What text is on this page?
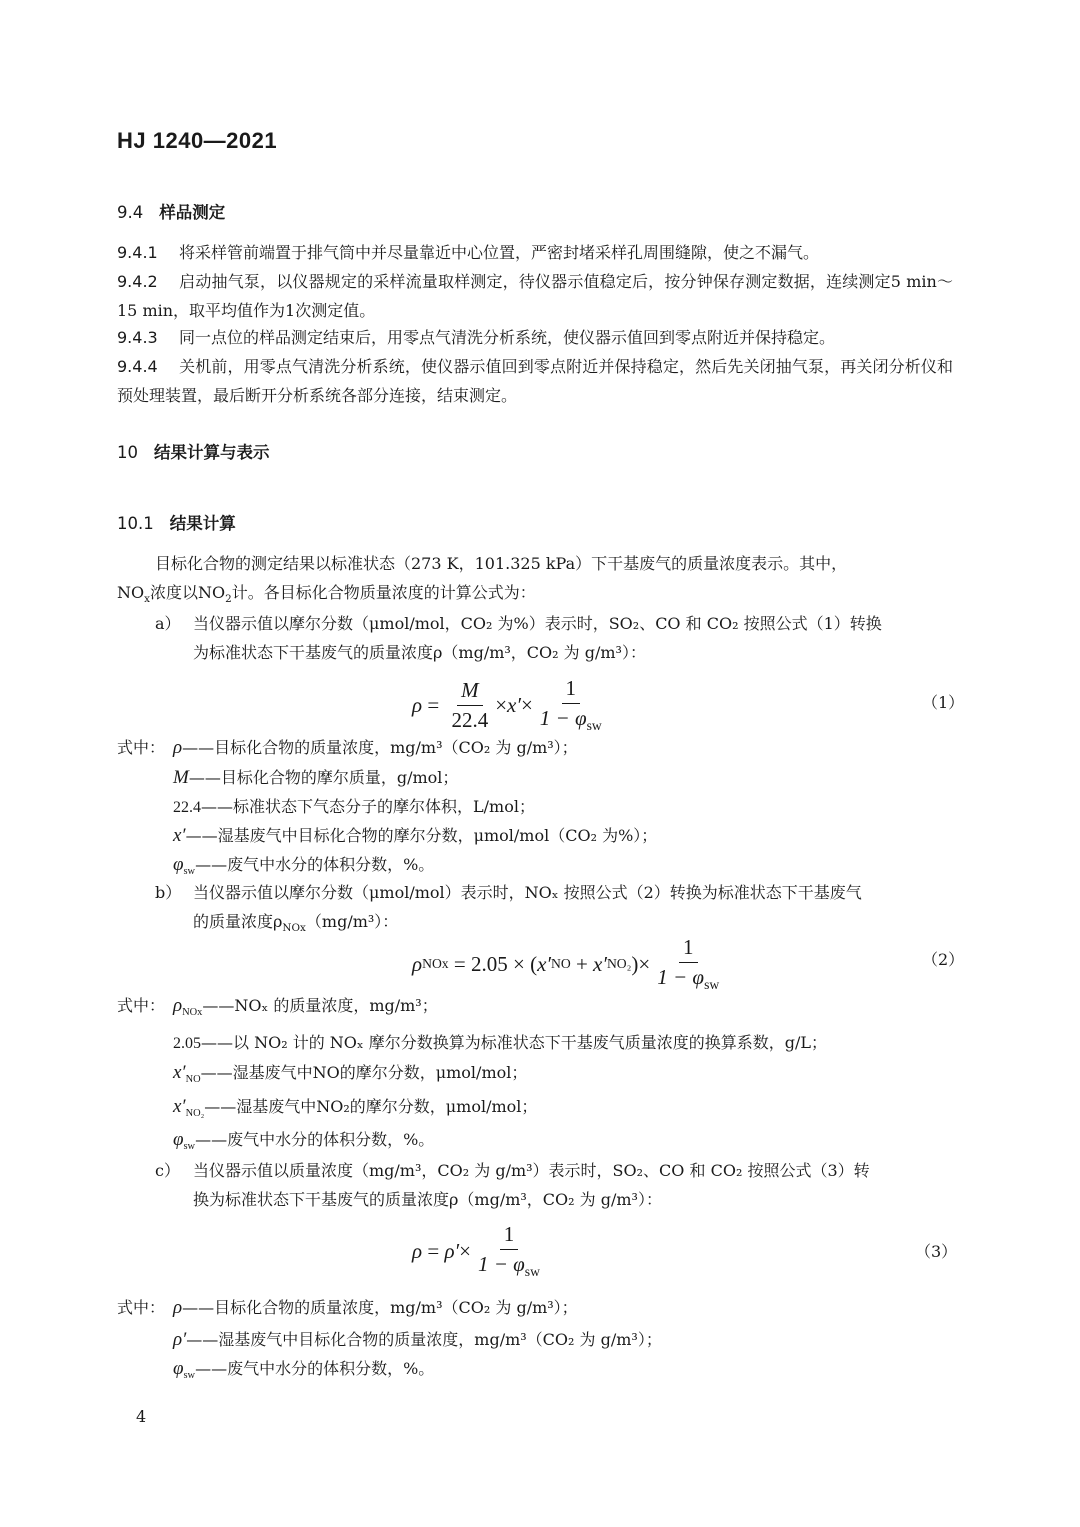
HJ 1240—2021
9.4 样品测定
9.4.1 将采样管前端置于排气筒中并尽量靠近中心位置，严密封堵采样孔周围缝隙，使之不漏气。
9.4.2 启动抽气泵，以仪器规定的采样流量取样测定，待仪器示值稳定后，按分钟保存测定数据，连续测定5 min～15 min，取平均值作为1次测定值。
9.4.3 同一点位的样品测定结束后，用零点气清洗分析系统，使仪器示值回到零点附近并保持稳定。
9.4.4 关机前，用零点气清洗分析系统，使仪器示值回到零点附近并保持稳定，然后先关闭抽气泵，再关闭分析仪和预处理装置，最后断开分析系统各部分连接，结束测定。
10 结果计算与表示
10.1 结果计算
目标化合物的测定结果以标准状态（273 K，101.325 kPa）下干基废气的质量浓度表示。其中，
$NO_x$浓度以$NO_2$计。各目标化合物质量浓度的计算公式为：
a） 当仪器示值以摩尔分数（μmol/mol，CO₂ 为%）表示时，SO₂、CO 和 CO₂ 按照公式（1）转换
为标准状态下干基废气的质量浓度ρ（mg/m³，CO₂ 为 g/m³）：
ρ
=
$\frac{M}{22.4} \times x' \times \frac{1}{1 - \varphi_{sw}}$	（1）
式中： ρ——目标化合物的质量浓度，mg/m³（CO₂ 为 g/m³）；
M——目标化合物的摩尔质量，g/mol；
22.4——标准状态下气态分子的摩尔体积，L/mol；
x′——湿基废气中目标化合物的摩尔分数，μmol/mol（CO₂ 为%）；
$\varphi_{sw}——$废气中水分的体积分数，%。
b） 当仪器示值以摩尔分数（μmol/mol）表示时，NOₓ 按照公式（2）转换为标准状态下干基废气
的质量浓度$\rho_{NOx}(mg/m^3)$：
ρ NOx
= 2.05 × ( x′ NO
+
x′ NO₂ ) × $\frac{1}{1 - \varphi_{sw}}$	（2）
式中： $\rho_{NOx}——NO_x$ 的质量浓度，mg/m³；
2.05——以 NO₂ 计的 NOₓ 摩尔分数换算为标准状态下干基废气质量浓度的换算系数，g/L；
$x'_{NO}——$湿基废气中NO的摩尔分数，μmol/mol；
$x'_{NO_2}——$湿基废气中NO₂的摩尔分数，μmol/mol；
$\varphi_{sw}——$废气中水分的体积分数，%。
c） 当仪器示值以质量浓度（mg/m³，CO₂ 为 g/m³）表示时，SO₂、CO 和 CO₂ 按照公式（3）转
换为标准状态下干基废气的质量浓度ρ（mg/m³，CO₂ 为 g/m³）：
ρ
=
$\rho' \times \frac{1}{1 - \varphi_{sw}}$	（3）
式中： ρ——目标化合物的质量浓度，mg/m³（CO₂ 为 g/m³）；
ρ′——湿基废气中目标化合物的质量浓度，mg/m³（CO₂ 为 g/m³）；
$\varphi_{sw}——$废气中水分的体积分数，%。
4
